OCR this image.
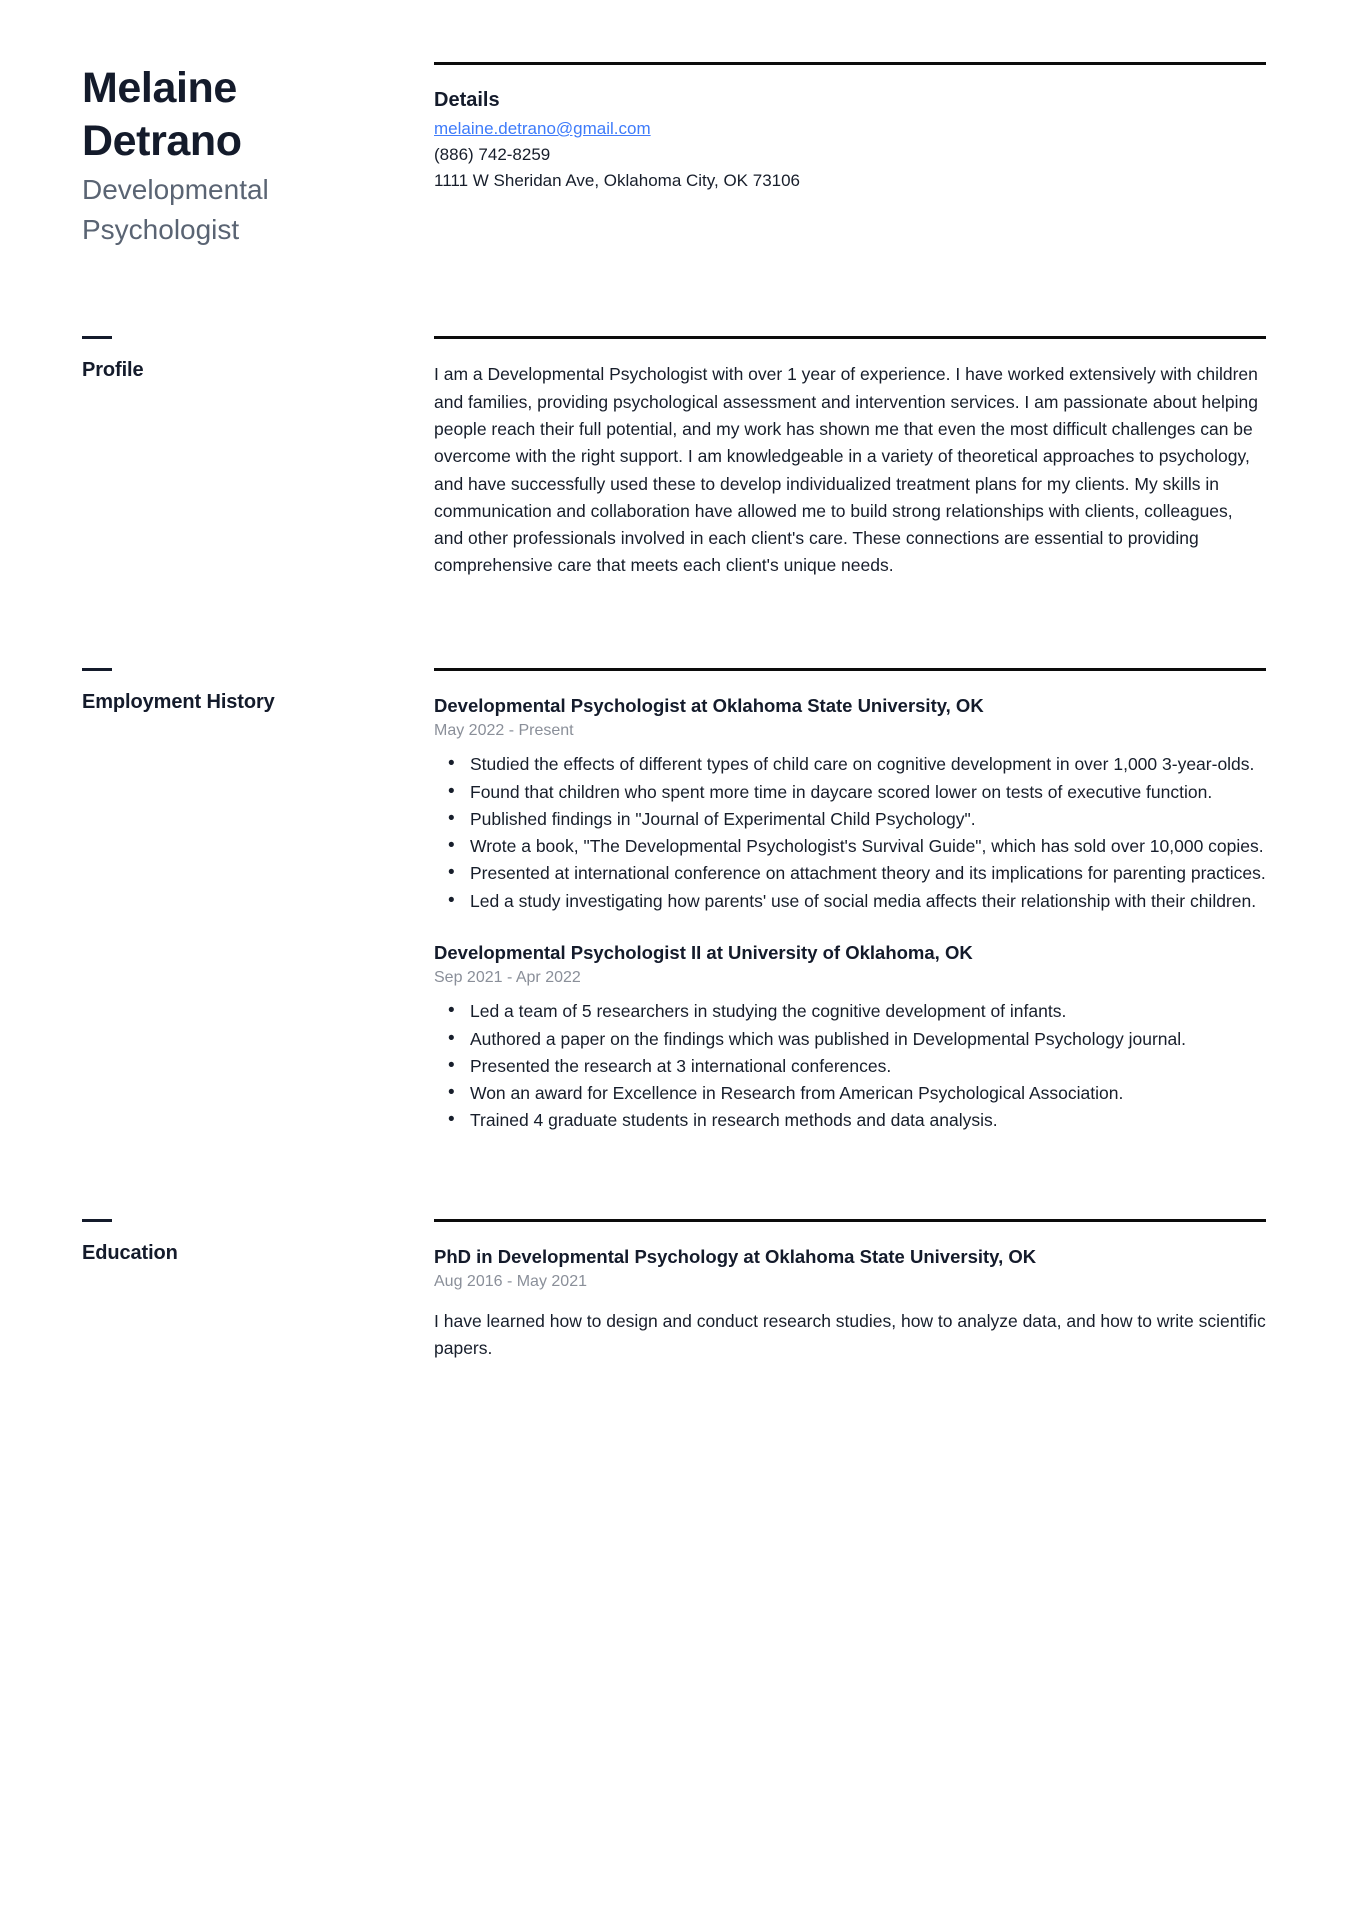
Melaine
Detrano
Developmental
Psychologist
Details
melaine.detrano@gmail.com
(886) 742-8259
1111 W Sheridan Ave, Oklahoma City, OK 73106
Profile	I am a Developmental Psychologist with over 1 year of experience. I have worked extensively with children and families, providing psychological assessment and intervention services. I am passionate about helping people reach their full potential, and my work has shown me that even the most difficult challenges can be overcome with the right support. I am knowledgeable in a variety of theoretical approaches to psychology, and have successfully used these to develop individualized treatment plans for my clients. My skills in communication and collaboration have allowed me to build strong relationships with clients, colleagues, and other professionals involved in each client's care. These connections are essential to providing comprehensive care that meets each client's unique needs.

Employment History	Developmental Psychologist at Oklahoma State University, OK
May 2022 - Present
• Studied the effects of different types of child care on cognitive development in over 1,000 3-year-olds.
• Found that children who spent more time in daycare scored lower on tests of executive function.
• Published findings in "Journal of Experimental Child Psychology".
• Wrote a book, "The Developmental Psychologist's Survival Guide", which has sold over 10,000 copies.
• Presented at international conference on attachment theory and its implications for parenting practices.
• Led a study investigating how parents' use of social media affects their relationship with their children.
Developmental Psychologist II at University of Oklahoma, OK
Sep 2021 - Apr 2022
• Led a team of 5 researchers in studying the cognitive development of infants.
• Authored a paper on the findings which was published in Developmental Psychology journal.
• Presented the research at 3 international conferences.
• Won an award for Excellence in Research from American Psychological Association.
• Trained 4 graduate students in research methods and data analysis.
Education	PhD in Developmental Psychology at Oklahoma State University, OK
Aug 2016 - May 2021

I have learned how to design and conduct research studies, how to analyze data, and how to write scientific papers.
